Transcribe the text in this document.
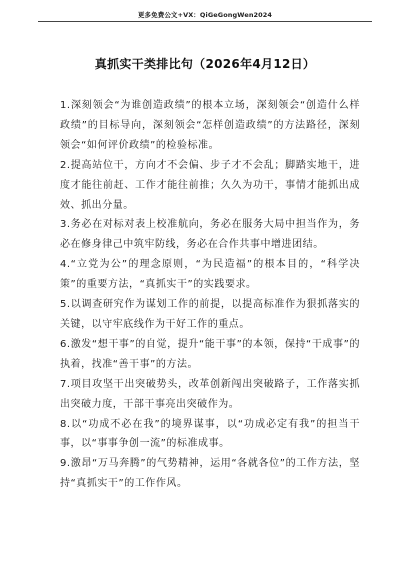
更多免费公文+VX：QiGeGongWen2024
真抓实干类排比句（2026年4月12日）

1.深刻领会“为谁创造政绩”的根本立场，深刻领会“创造什么样政绩”的目标导向，深刻领会“怎样创造政绩”的方法路径，深刻领会“如何评价政绩”的检验标准。

2.提高站位干，方向才不会偏、步子才不会乱；脚踏实地干，进度才能往前赶、工作才能往前推；久久为功干，事情才能抓出成效、抓出分量。

3.务必在对标对表上校准航向，务必在服务大局中担当作为，务必在修身律己中筑牢防线，务必在合作共事中增进团结。

4.“立党为公”的理念原则，“为民造福”的根本目的，“科学决策”的重要方法，“真抓实干”的实践要求。

5.以调查研究作为谋划工作的前提，以提高标准作为狠抓落实的关键，以守牢底线作为干好工作的重点。

6.激发“想干事”的自觉，提升“能干事”的本领，保持“干成事”的执着，找准“善干事”的方法。

7.项目攻坚干出突破势头，改革创新闯出突破路子，工作落实抓出突破力度，干部干事亮出突破作为。

8.以“功成不必在我”的境界谋事，以“功成必定有我”的担当干事，以“事事争创一流”的标准成事。

9.激昂“万马奔腾”的气势精神，运用“各就各位”的工作方法，坚持“真抓实干”的工作作风。
